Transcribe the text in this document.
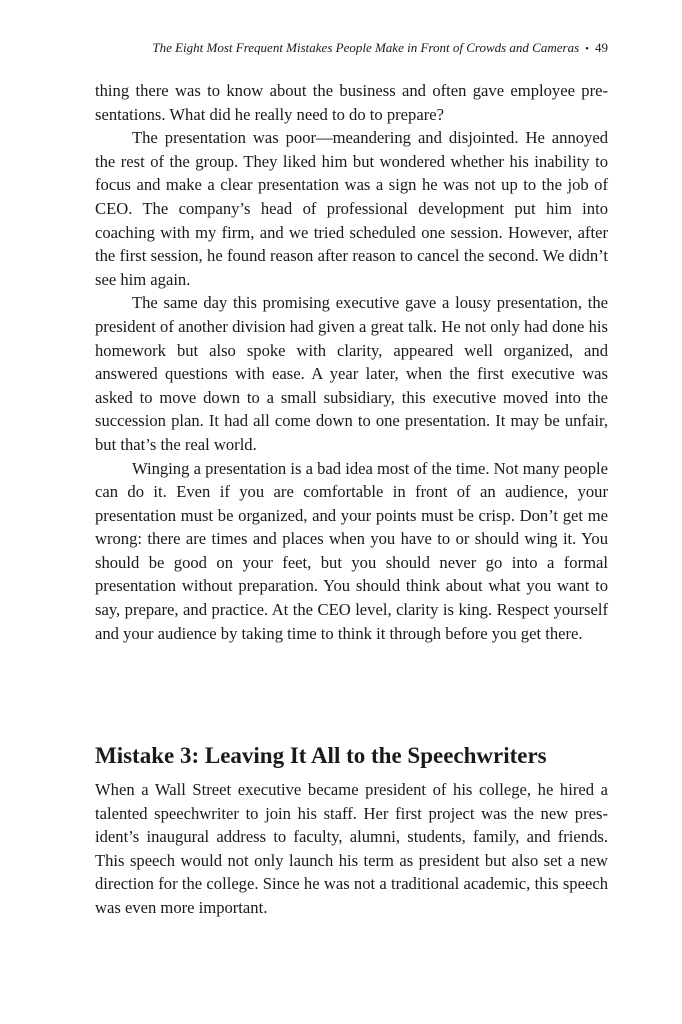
The Eight Most Frequent Mistakes People Make in Front of Crowds and Cameras • 49

thing there was to know about the business and often gave employee presentations. What did he really need to do to prepare?

The presentation was poor—meandering and disjointed. He annoyed the rest of the group. They liked him but wondered whether his inability to focus and make a clear presentation was a sign he was not up to the job of CEO. The company’s head of professional development put him into coaching with my firm, and we tried scheduled one session. However, after the first session, he found reason after reason to cancel the second. We didn’t see him again.

The same day this promising executive gave a lousy presentation, the president of another division had given a great talk. He not only had done his homework but also spoke with clarity, appeared well organized, and answered questions with ease. A year later, when the first executive was asked to move down to a small subsidiary, this executive moved into the succession plan. It had all come down to one presentation. It may be unfair, but that’s the real world.

Winging a presentation is a bad idea most of the time. Not many people can do it. Even if you are comfortable in front of an audience, your presentation must be organized, and your points must be crisp. Don’t get me wrong: there are times and places when you have to or should wing it. You should be good on your feet, but you should never go into a formal presentation without preparation. You should think about what you want to say, prepare, and practice. At the CEO level, clarity is king. Respect yourself and your audience by taking time to think it through before you get there.

Mistake 3: Leaving It All to the Speechwriters

When a Wall Street executive became president of his college, he hired a talented speechwriter to join his staff. Her first project was the new president’s inaugural address to faculty, alumni, students, family, and friends. This speech would not only launch his term as president but also set a new direction for the college. Since he was not a traditional academic, this speech was even more important.
